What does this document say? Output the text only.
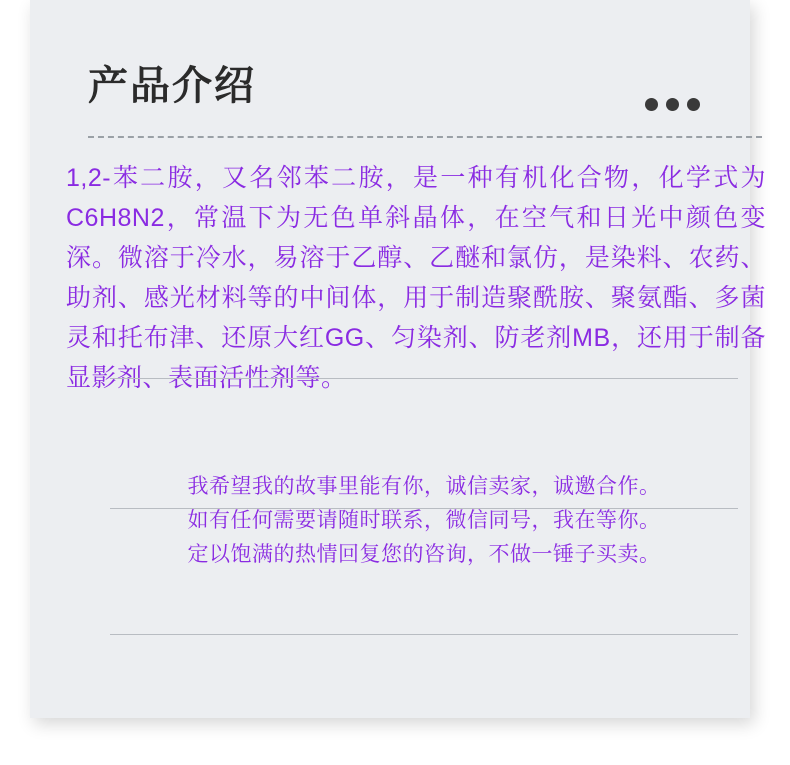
产品介绍
1,2-苯二胺，又名邻苯二胺，是一种有机化合物，化学式为C6H8N2，常温下为无色单斜晶体，在空气和日光中颜色变深。微溶于冷水，易溶于乙醇、乙醚和氯仿，是染料、农药、助剂、感光材料等的中间体，用于制造聚酰胺、聚氨酯、多菌灵和托布津、还原大红GG、匀染剂、防老剂MB，还用于制备显影剂、表面活性剂等。
我希望我的故事里能有你，诚信卖家，诚邀合作。
如有任何需要请随时联系，微信同号，我在等你。
定以饱满的热情回复您的咨询，不做一锤子买卖。
